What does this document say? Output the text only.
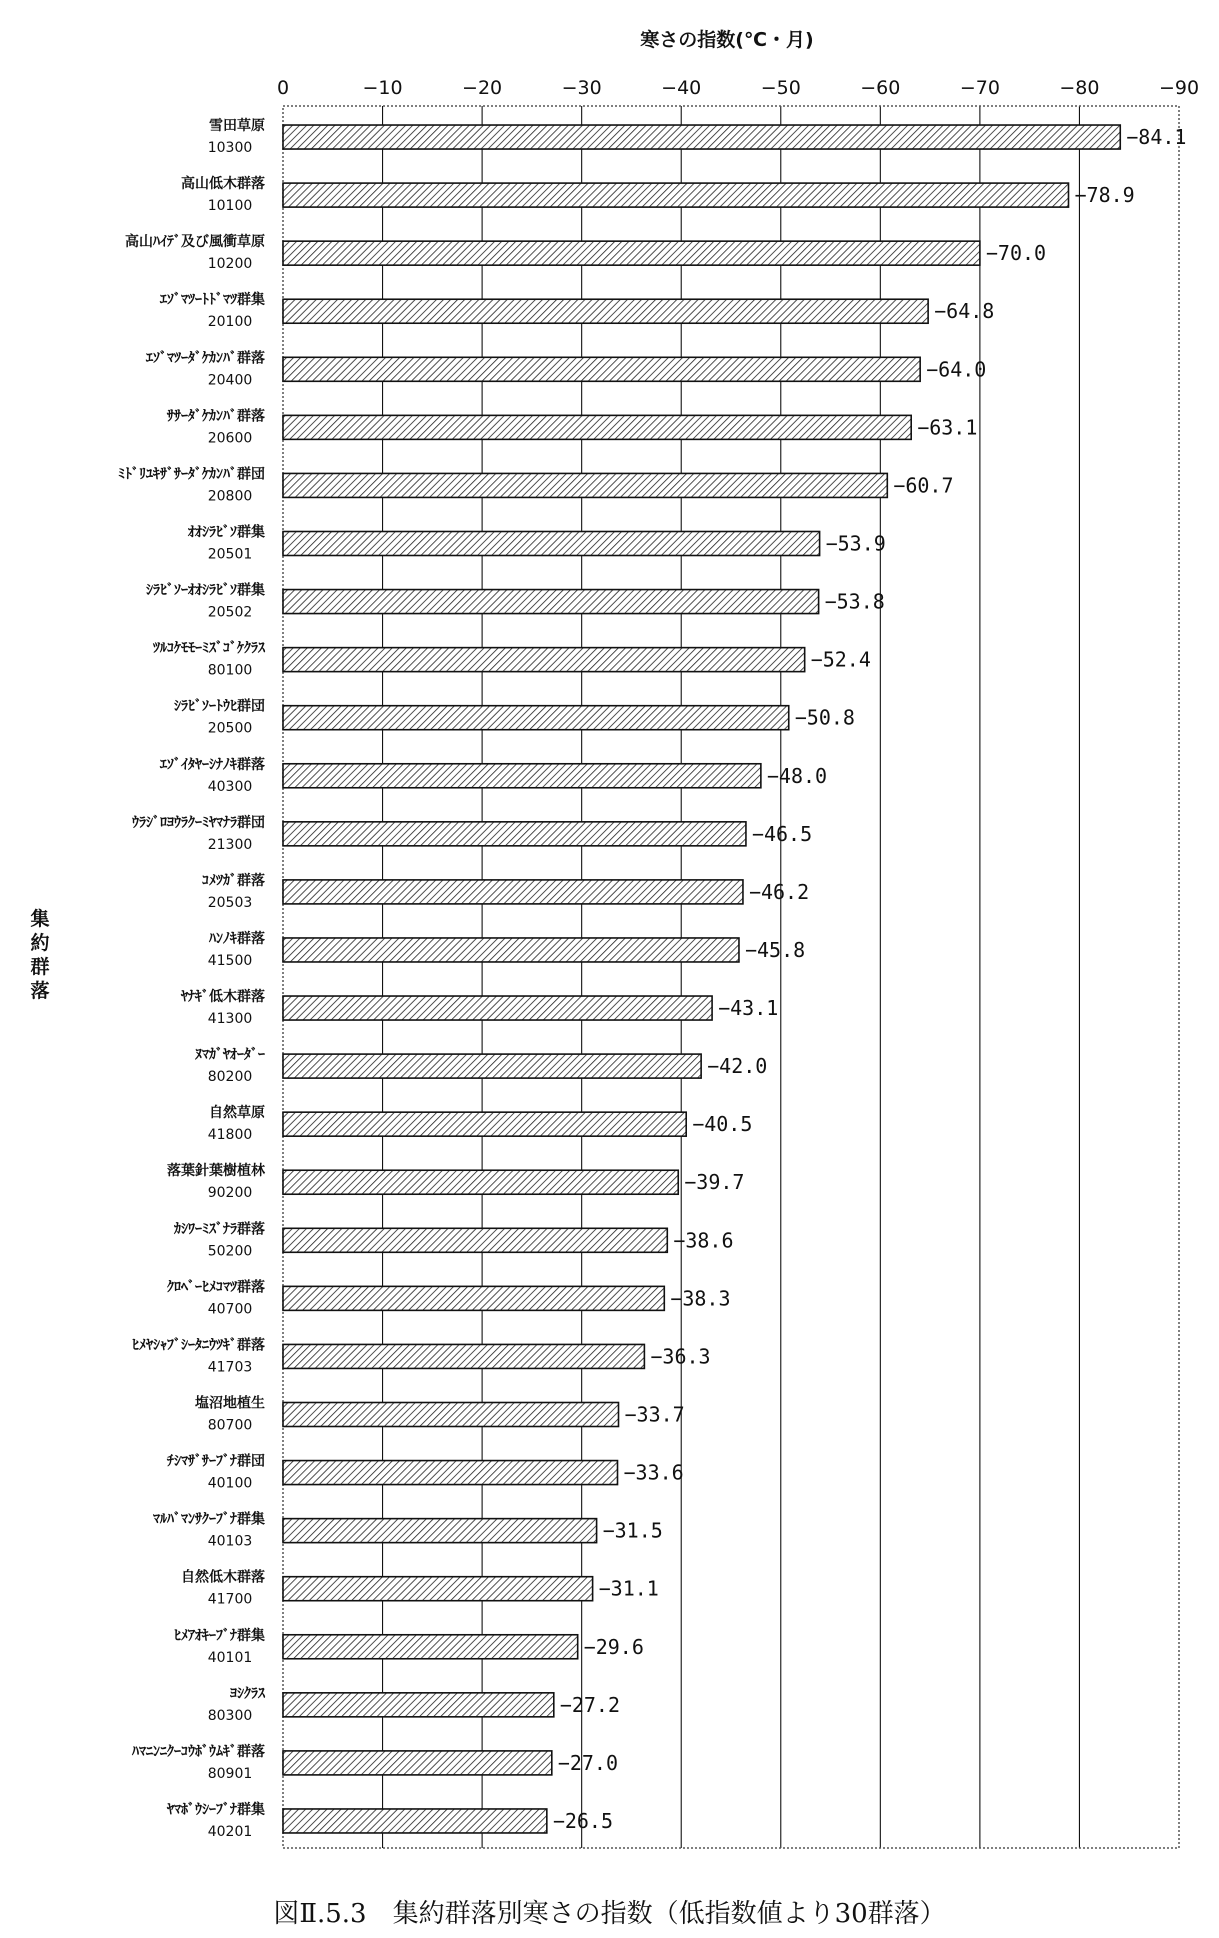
寒さの指数(℃・月)
集
約
群
落
0	−10	−20	−30	−40	−50	−60	−70	−80	−90
雪田草原
10300
高山低木群落
10100
高山ﾊｲﾃﾞ及び風衝草原
10200
ｴｿﾞﾏﾂｰﾄﾄﾞﾏﾂ群集
20100
ｴｿﾞﾏﾂｰﾀﾞｹｶﾝﾊﾞ群落
20400
ｻｻｰﾀﾞｹｶﾝﾊﾞ群落
20600
ﾐﾄﾞﾘﾕｷｻﾞｻｰﾀﾞｹｶﾝﾊﾞ群団
20800
ｵｵｼﾗﾋﾞｿ群集
20501
ｼﾗﾋﾞｿｰｵｵｼﾗﾋﾞｿ群集
20502
ﾂﾙｺｹﾓﾓｰﾐｽﾞｺﾞｹｸﾗｽ
80100
ｼﾗﾋﾞｿｰﾄｳﾋ群団
20500
ｴｿﾞｲﾀﾔｰｼﾅﾉｷ群落
40300
ｳﾗｼﾞﾛﾖｳﾗｸｰﾐﾔﾏﾅﾗ群団
21300
ｺﾒﾂｶﾞ群落
20503
ﾊﾝﾉｷ群落
41500
ﾔﾅｷﾞ低木群落
41300
ﾇﾏｶﾞﾔｵｰﾀﾞｰ
80200
自然草原
41800
落葉針葉樹植林
90200
ｶｼﾜｰﾐｽﾞﾅﾗ群落
50200
ｸﾛﾍﾞｰﾋﾒｺﾏﾂ群落
40700
ﾋﾒﾔｼｬﾌﾞｼｰﾀﾆｳﾂｷﾞ群落
41703
塩沼地植生
80700
ﾁｼﾏｻﾞｻｰﾌﾞﾅ群団
40100
ﾏﾙﾊﾞﾏﾝｻｸｰﾌﾞﾅ群集
40103
自然低木群落
41700
ﾋﾒｱｵｷｰﾌﾞﾅ群集
40101
ﾖｼｸﾗｽ
80300
ﾊﾏﾆﾝﾆｸｰｺｳﾎﾞｳﾑｷﾞ群落
80901
ﾔﾏﾎﾞｳｼｰﾌﾞﾅ群集
40201
−84.1
−78.9
−70.0
−64.8
−64.0
−63.1
−60.7
−53.9
−53.8
−52.4
−50.8
−48.0
−46.5
−46.2
−45.8
−43.1
−42.0
−40.5
−39.7
−38.6
−38.3
−36.3
−33.7
−33.6
−31.5
−31.1
−29.6
−27.2
−27.0
−26.5
図Ⅱ.5.3　集約群落別寒さの指数（低指数値より30群落）
